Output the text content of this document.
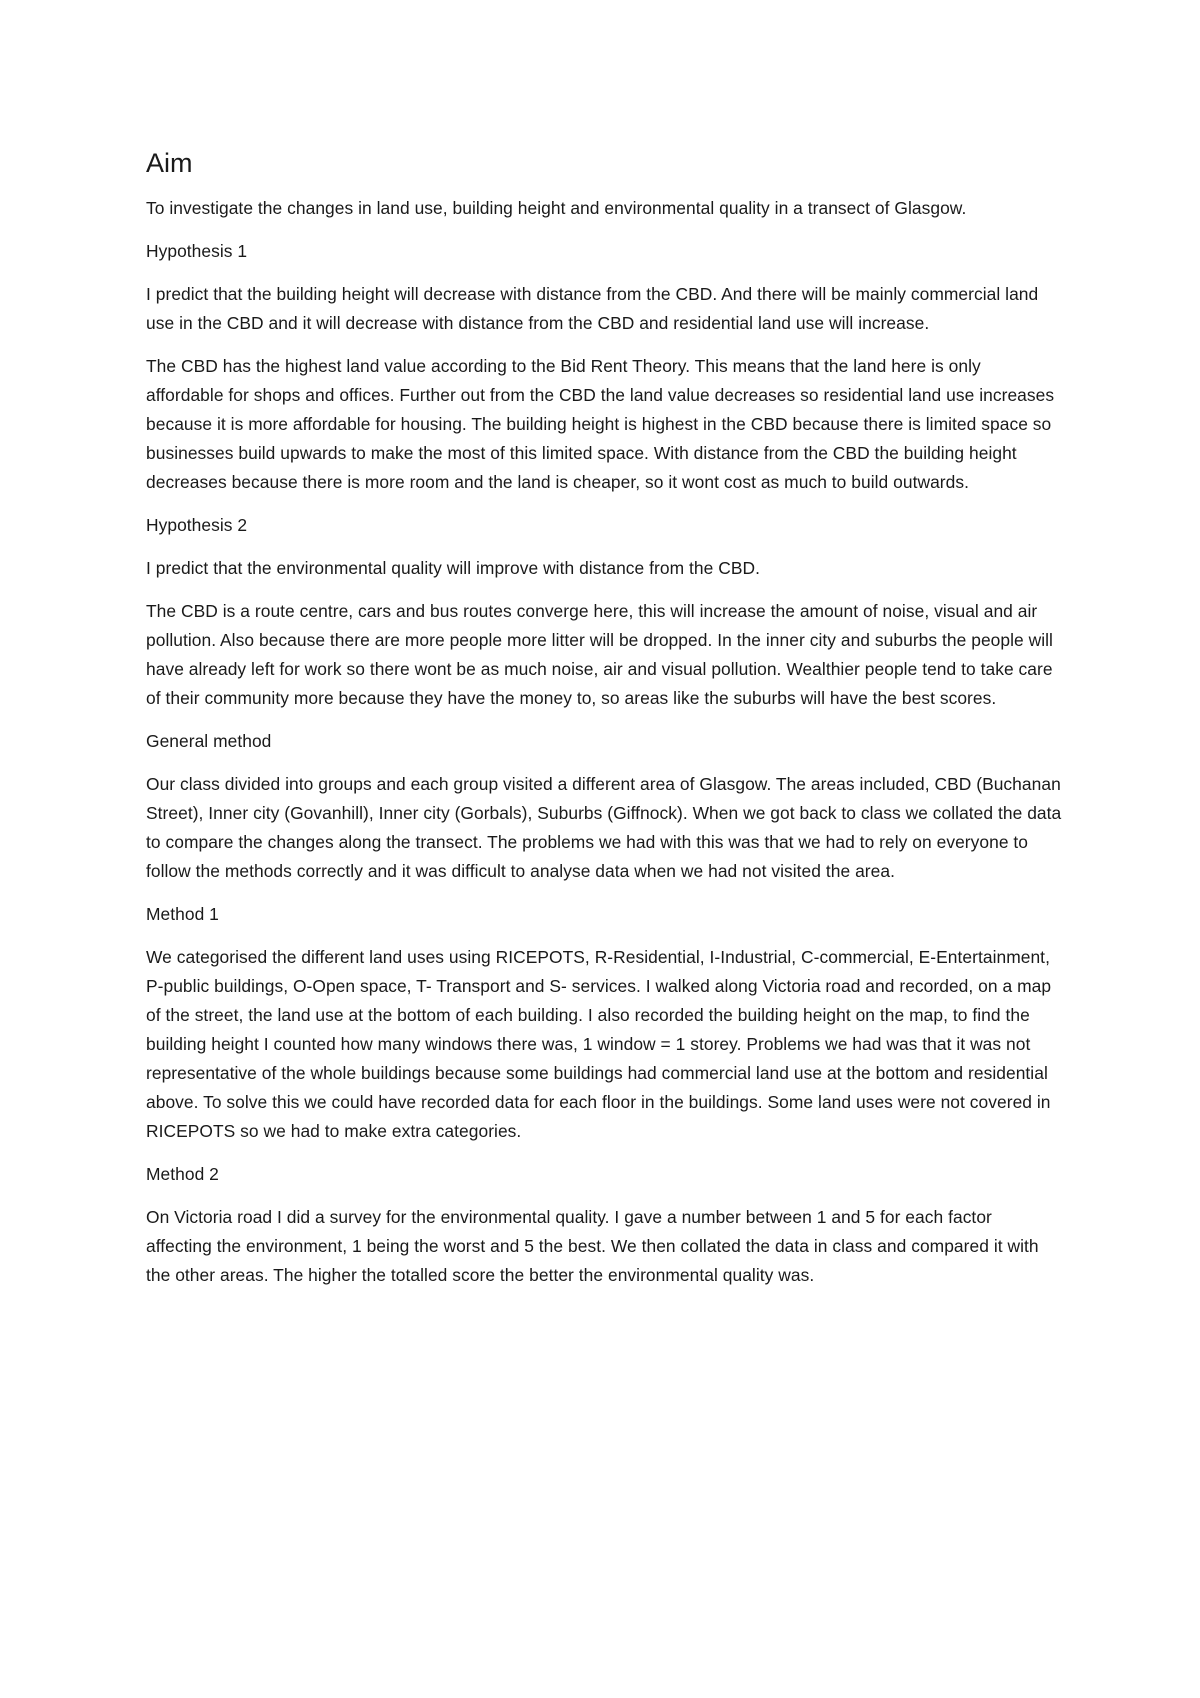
Aim

To investigate the changes in land use, building height and environmental quality in a transect of Glasgow.

Hypothesis 1

I predict that the building height will decrease with distance from the CBD. And there will be mainly commercial land use in the CBD and it will decrease with distance from the CBD and residential land use will increase.

The CBD has the highest land value according to the Bid Rent Theory. This means that the land here is only affordable for shops and offices. Further out from the CBD the land value decreases so residential land use increases because it is more affordable for housing. The building height is highest in the CBD because there is limited space so businesses build upwards to make the most of this limited space. With distance from the CBD the building height decreases because there is more room and the land is cheaper, so it wont cost as much to build outwards.

Hypothesis 2

I predict that the environmental quality will improve with distance from the CBD.

The CBD is a route centre, cars and bus routes converge here, this will increase the amount of noise, visual and air pollution. Also because there are more people more litter will be dropped. In the inner city and suburbs the people will have already left for work so there wont be as much noise, air and visual pollution. Wealthier people tend to take care of their community more because they have the money to, so areas like the suburbs will have the best scores.

General method

Our class divided into groups and each group visited a different area of Glasgow. The areas included, CBD (Buchanan Street), Inner city (Govanhill), Inner city (Gorbals), Suburbs (Giffnock). When we got back to class we collated the data to compare the changes along the transect. The problems we had with this was that we had to rely on everyone to follow the methods correctly and it was difficult to analyse data when we had not visited the area.

Method 1

We categorised the different land uses using RICEPOTS, R-Residential, I-Industrial, C-commercial, E-Entertainment, P-public buildings, O-Open space, T- Transport and S- services. I walked along Victoria road and recorded, on a map of the street, the land use at the bottom of each building. I also recorded the building height on the map, to find the building height I counted how many windows there was, 1 window = 1 storey. Problems we had was that it was not representative of the whole buildings because some buildings had commercial land use at the bottom and residential above. To solve this we could have recorded data for each floor in the buildings. Some land uses were not covered in RICEPOTS so we had to make extra categories.

Method 2

On Victoria road I did a survey for the environmental quality. I gave a number between 1 and 5 for each factor affecting the environment, 1 being the worst and 5 the best. We then collated the data in class and compared it with the other areas. The higher the totalled score the better the environmental quality was.
